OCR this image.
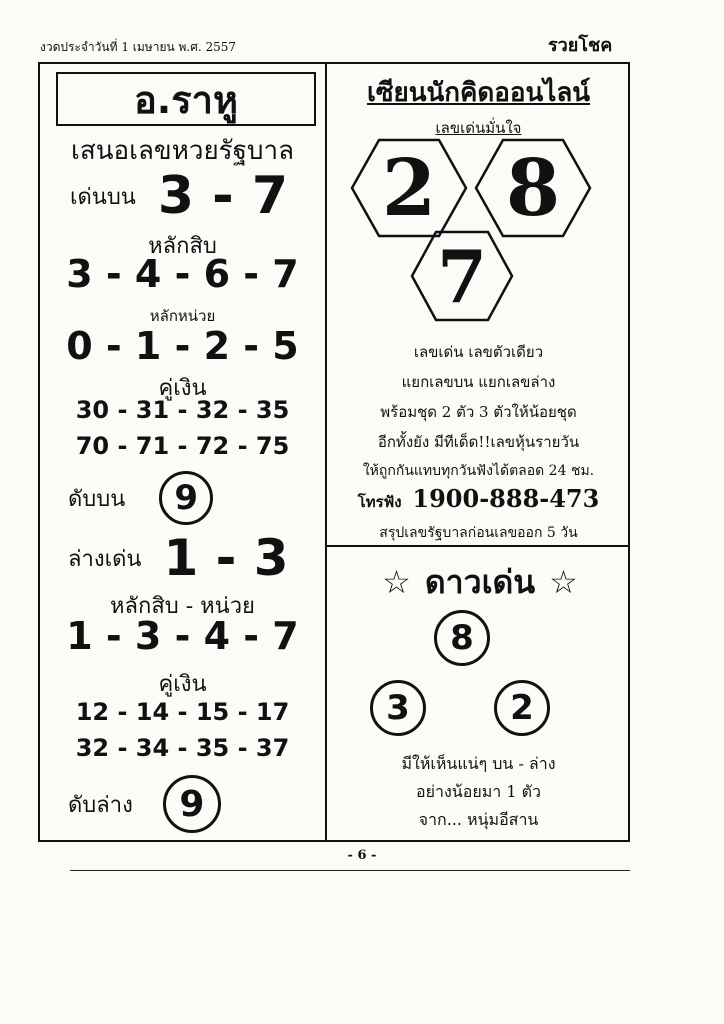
งวดประจำวันที่ 1 เมษายน พ.ศ. 2557	รวยโชค
อ.ราหู
เสนอเลขหวยรัฐบาล
เด่นบน 3 - 7
หลักสิบ
3 - 4 - 6 - 7
หลักหน่วย
0 - 1 - 2 - 5
คู่เงิน
30 - 31 - 32 - 35
70 - 71 - 72 - 75
ดับบน	9
ล่างเด่น 1 - 3
หลักสิบ - หน่วย
1 - 3 - 4 - 7
คู่เงิน
12 - 14 - 15 - 17
32 - 34 - 35 - 37
ดับล่าง	9
เซียนนักคิดออนไลน์
เลขเด่นมั่นใจ
2 8
7
เลขเด่น เลขตัวเดียว
แยกเลขบน แยกเลขล่าง
พร้อมชุด 2 ตัว 3 ตัวให้น้อยชุด
อีกทั้งยัง มีทีเด็ด!!เลขหุ้นรายวัน
ให้ถูกกันแทบทุกวันฟังได้ตลอด 24 ชม.
โทรฟัง 1900-888-473
สรุปเลขรัฐบาลก่อนเลขออก 5 วัน
☆ ดาวเด่น ☆
8
3	2
มีให้เห็นแน่ๆ บน - ล่าง
อย่างน้อยมา 1 ตัว
จาก... หนุ่มอีสาน
- 6 -
